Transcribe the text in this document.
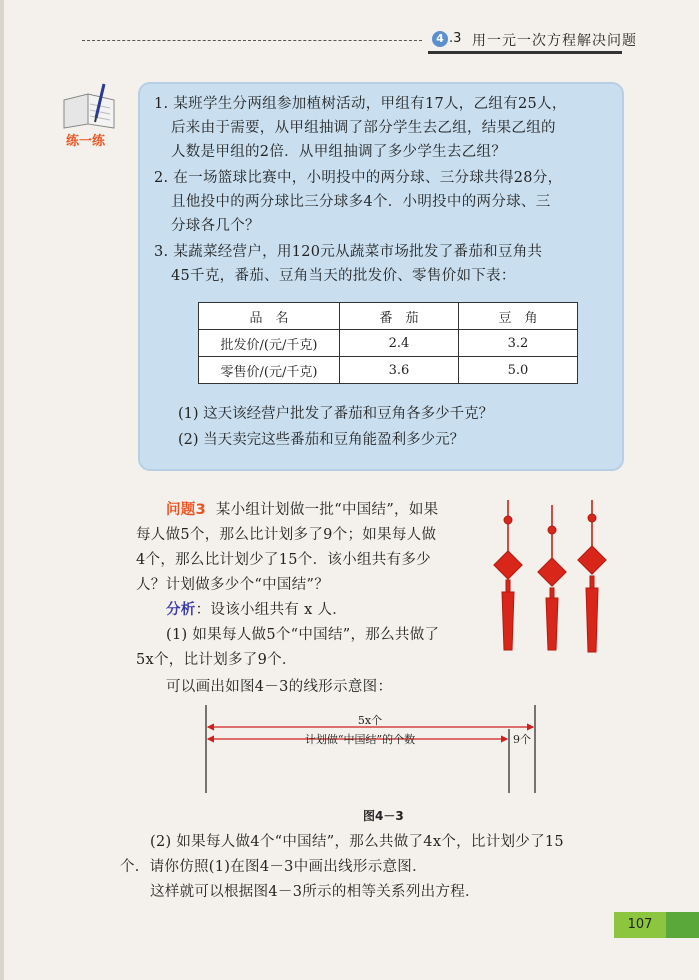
4 .3 用一元一次方程解决问题
练一练
1. 某班学生分两组参加植树活动，甲组有17人，乙组有25人，
后来由于需要，从甲组抽调了部分学生去乙组，结果乙组的
人数是甲组的2倍．从甲组抽调了多少学生去乙组？
2. 在一场篮球比赛中，小明投中的两分球、三分球共得28分，
且他投中的两分球比三分球多4个．小明投中的两分球、三
分球各几个？
3. 某蔬菜经营户，用120元从蔬菜市场批发了番茄和豆角共
45千克，番茄、豆角当天的批发价、零售价如下表：
品　名	番　茄	豆　角
批发价/(元/千克)	2.4	3.2
零售价/(元/千克)	3.6	5.0
(1) 这天该经营户批发了番茄和豆角各多少千克？
(2) 当天卖完这些番茄和豆角能盈利多少元？
问题3 某小组计划做一批“中国结”，如果
每人做5个，那么比计划多了9个；如果每人做
4个，那么比计划少了15个．该小组共有多少
人？计划做多少个“中国结”？
分析：设该小组共有 x 人．
(1) 如果每人做5个“中国结”，那么共做了
5x个，比计划多了9个．
可以画出如图4－3的线形示意图：
5x个
计划做“中国结”的个数	9个
图4－3
(2) 如果每人做4个“中国结”，那么共做了4x个，比计划少了15
个．请你仿照(1)在图4－3中画出线形示意图．
这样就可以根据图4－3所示的相等关系列出方程．
107
